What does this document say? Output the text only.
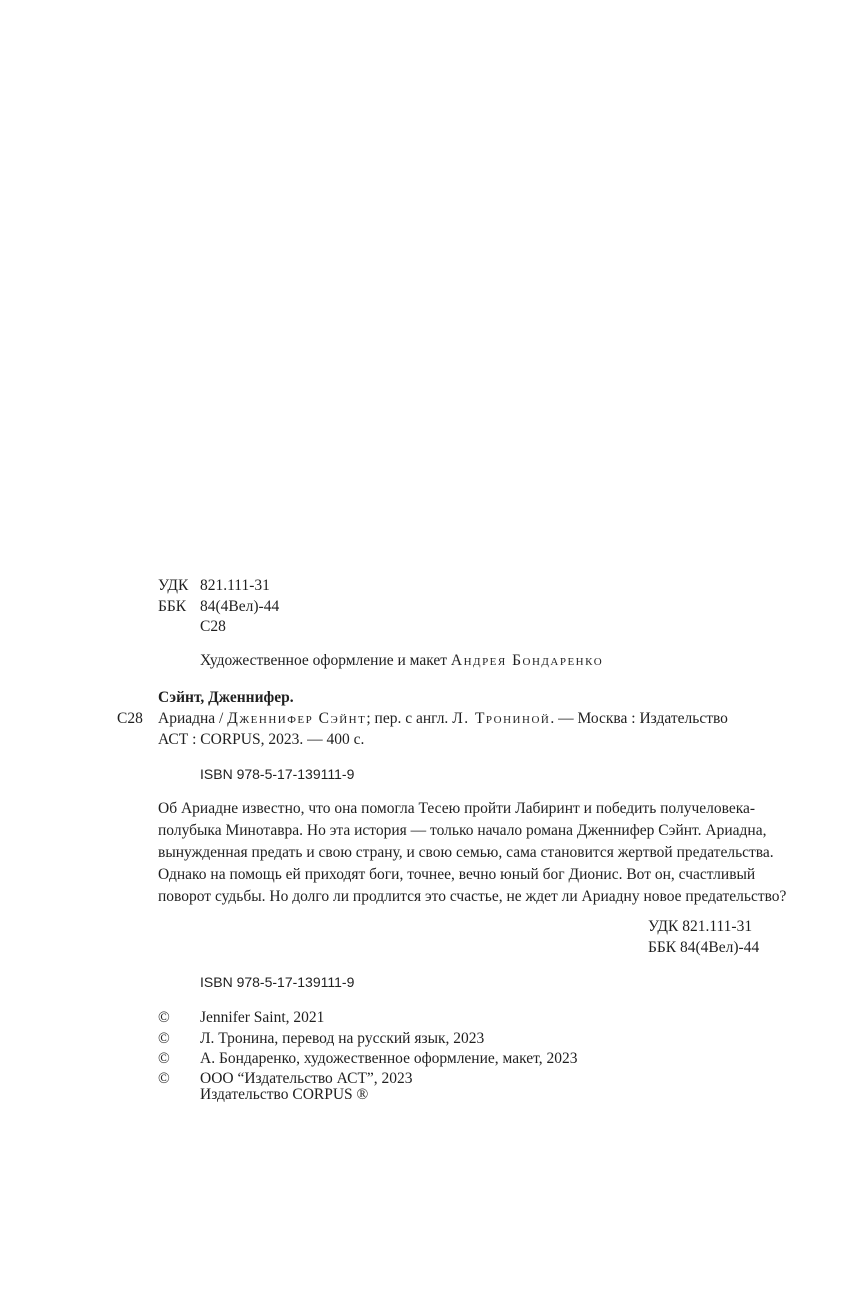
УДК 821.111-31
ББК 84(4Вел)-44
С28
Художественное оформление и макет Андрея Бондаренко
Сэйнт, Дженнифер.
С28 Ариадна / Дженнифер Сэйнт; пер. с англ. Л. Трониной. — Москва : Издательство
АСТ : CORPUS, 2023. — 400 с.
ISBN 978-5-17-139111-9
Об Ариадне известно, что она помогла Тесею пройти Лабиринт и победить получеловека-
полубыка Минотавра. Но эта история — только начало романа Дженнифер Сэйнт. Ариадна,
вынужденная предать и свою страну, и свою семью, сама становится жертвой предательства.
Однако на помощь ей приходят боги, точнее, вечно юный бог Дионис. Вот он, счастливый
поворот судьбы. Но долго ли продлится это счастье, не ждет ли Ариадну новое предательство?
УДК 821.111-31
ББК 84(4Вел)-44
ISBN 978-5-17-139111-9
© Jennifer Saint, 2021
© Л. Тронина, перевод на русский язык, 2023
© А. Бондаренко, художественное оформление, макет, 2023
© ООО “Издательство АСТ”, 2023
Издательство CORPUS ®
